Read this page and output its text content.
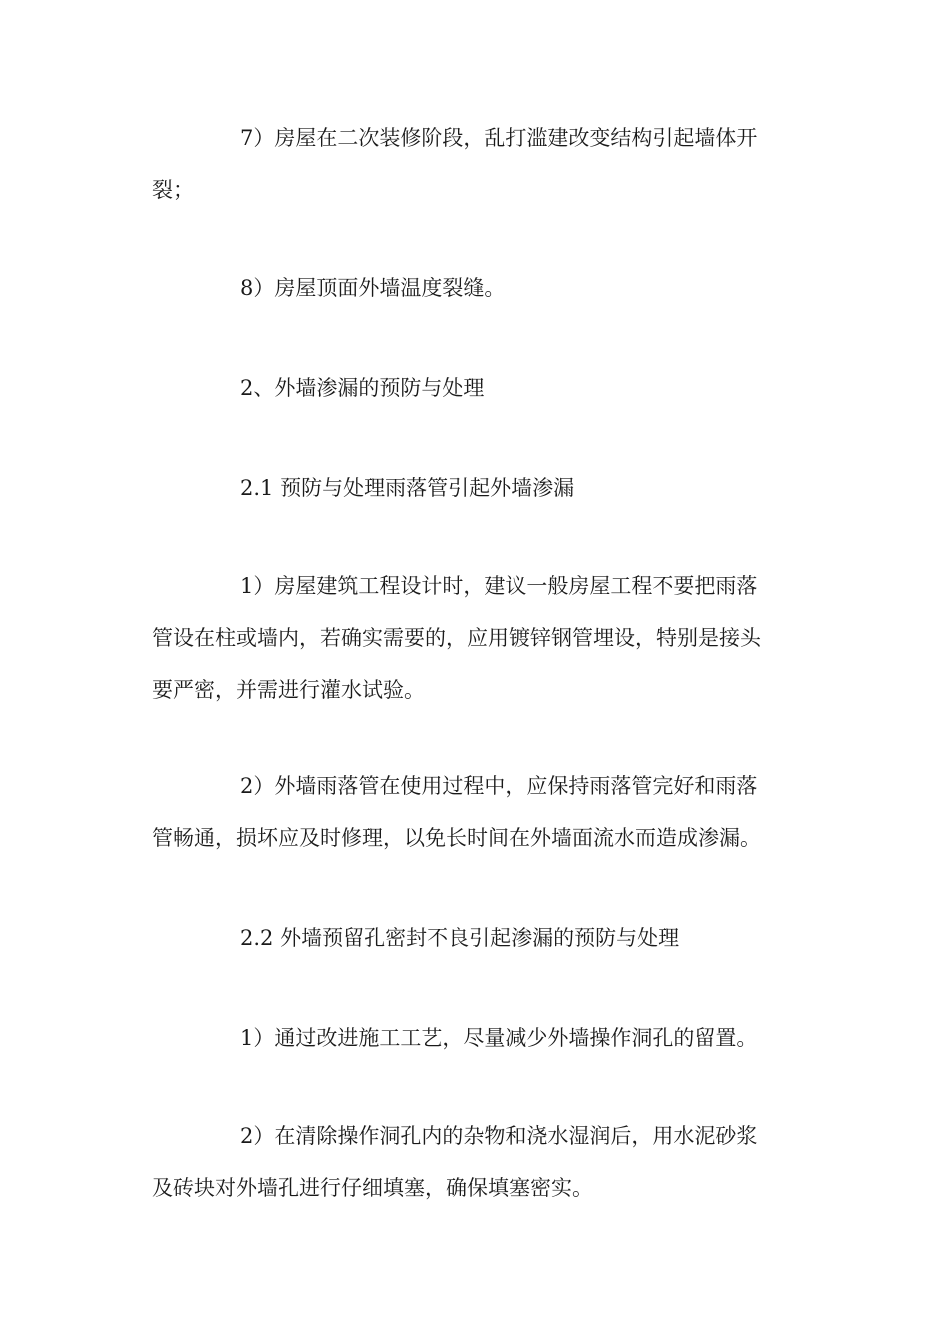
7）房屋在二次装修阶段，乱打滥建改变结构引起墙体开
裂；

8）房屋顶面外墙温度裂缝。

2、外墙渗漏的预防与处理

2.1 预防与处理雨落管引起外墙渗漏

1）房屋建筑工程设计时，建议一般房屋工程不要把雨落
管设在柱或墙内，若确实需要的，应用镀锌钢管埋设，特别是接头
要严密，并需进行灌水试验。

2）外墙雨落管在使用过程中，应保持雨落管完好和雨落
管畅通，损坏应及时修理，以免长时间在外墙面流水而造成渗漏。

2.2 外墙预留孔密封不良引起渗漏的预防与处理

1）通过改进施工工艺，尽量减少外墙操作洞孔的留置。

2）在清除操作洞孔内的杂物和浇水湿润后，用水泥砂浆
及砖块对外墙孔进行仔细填塞，确保填塞密实。
